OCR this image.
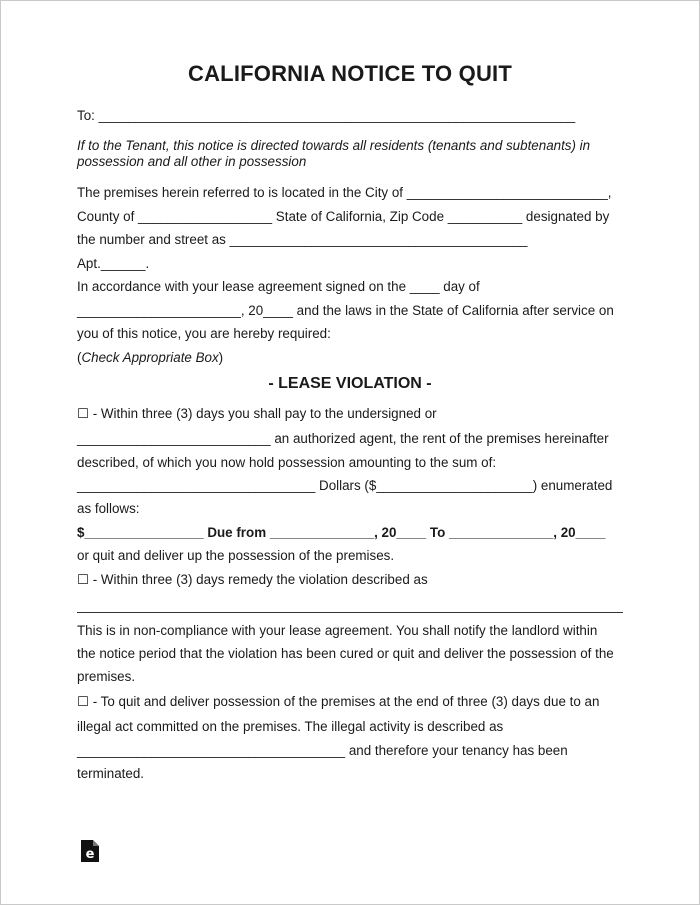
CALIFORNIA NOTICE TO QUIT
To: ________________________________________________________________
If to the Tenant, this notice is directed towards all residents (tenants and subtenants) in
possession and all other in possession
The premises herein referred to is located in the City of ___________________________,
County of __________________ State of California, Zip Code __________ designated by
the number and street as ________________________________________
Apt.______.
In accordance with your lease agreement signed on the ____ day of
______________________, 20____ and the laws in the State of California after service on
you of this notice, you are hereby required:
(Check Appropriate Box)
- LEASE VIOLATION -
☐ - Within three (3) days you shall pay to the undersigned or
__________________________ an authorized agent, the rent of the premises hereinafter
described, of which you now hold possession amounting to the sum of:
________________________________ Dollars ($_____________________) enumerated
as follows:
$________________ Due from ______________, 20____ To ______________, 20____
or quit and deliver up the possession of the premises.
☐ - Within three (3) days remedy the violation described as
This is in non-compliance with your lease agreement. You shall notify the landlord within
the notice period that the violation has been cured or quit and deliver the possession of the
premises.
☐ - To quit and deliver possession of the premises at the end of three (3) days due to an
illegal act committed on the premises. The illegal activity is described as
____________________________________ and therefore your tenancy has been
terminated.
e
